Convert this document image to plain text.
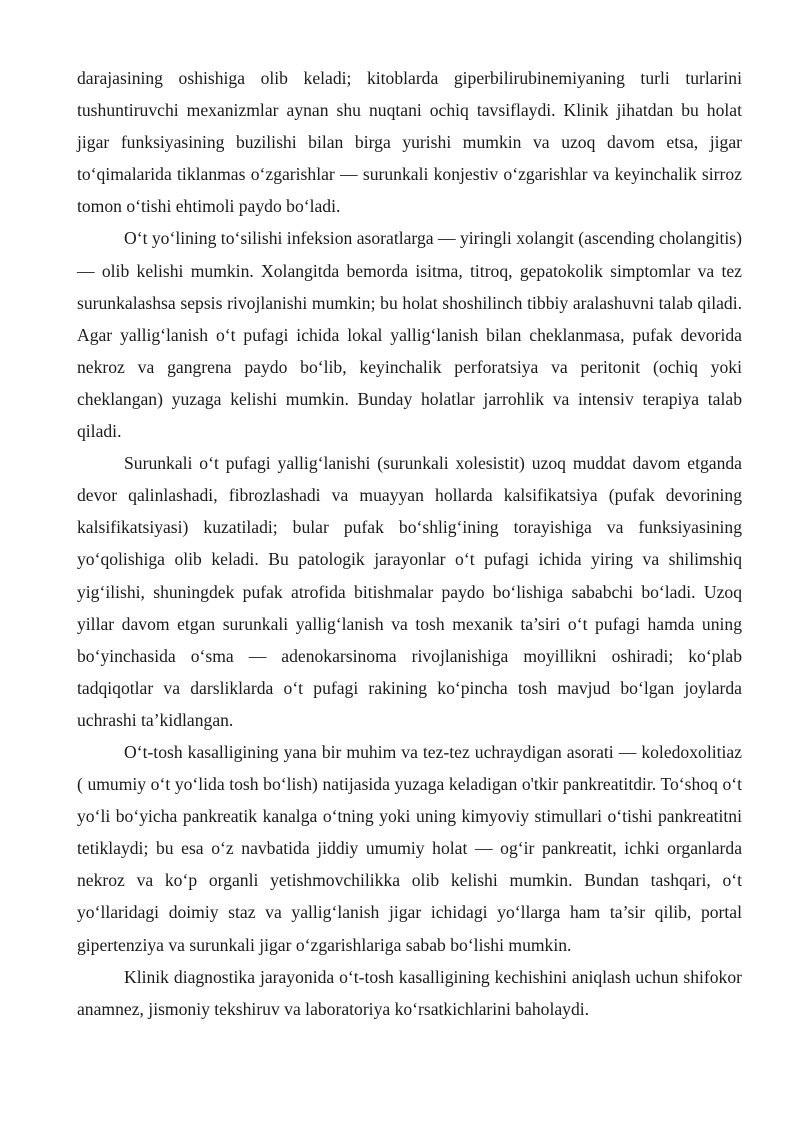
darajasining oshishiga olib keladi; kitoblarda giperbilirubinemiyaning turli turlarini tushuntiruvchi mexanizmlar aynan shu nuqtani ochiq tavsiflaydi. Klinik jihatdan bu holat jigar funksiyasining buzilishi bilan birga yurishi mumkin va uzoq davom etsa, jigar to‘qimalarida tiklanmas o‘zgarishlar — surunkali konjestiv o‘zgarishlar va keyinchalik sirroz tomon o‘tishi ehtimoli paydo bo‘ladi.

O‘t yo‘lining to‘silishi infeksion asoratlarga — yiringli xolangit (ascending cholangitis) — olib kelishi mumkin. Xolangitda bemorda isitma, titroq, gepatokolik simptomlar va tez surunkalashsa sepsis rivojlanishi mumkin; bu holat shoshilinch tibbiy aralashuvni talab qiladi. Agar yallig‘lanish o‘t pufagi ichida lokal yallig‘lanish bilan cheklanmasa, pufak devorida nekroz va gangrena paydo bo‘lib, keyinchalik perforatsiya va peritonit (ochiq yoki cheklangan) yuzaga kelishi mumkin. Bunday holatlar jarrohlik va intensiv terapiya talab qiladi.

Surunkali o‘t pufagi yallig‘lanishi (surunkali xolesistit) uzoq muddat davom etganda devor qalinlashadi, fibrozlashadi va muayyan hollarda kalsifikatsiya (pufak devorining kalsifikatsiyasi) kuzatiladi; bular pufak bo‘shlig‘ining torayishiga va funksiyasining yo‘qolishiga olib keladi. Bu patologik jarayonlar o‘t pufagi ichida yiring va shilimshiq yig‘ilishi, shuningdek pufak atrofida bitishmalar paydo bo‘lishiga sababchi bo‘ladi. Uzoq yillar davom etgan surunkali yallig‘lanish va tosh mexanik ta’siri o‘t pufagi hamda uning bo‘yinchasida o‘sma — adenokarsinoma rivojlanishiga moyillikni oshiradi; ko‘plab tadqiqotlar va darsliklarda o‘t pufagi rakining ko‘pincha tosh mavjud bo‘lgan joylarda uchrashi ta’kidlangan.

O‘t-tosh kasalligining yana bir muhim va tez-tez uchraydigan asorati — koledoxolitiaz ( umumiy o‘t yo‘lida tosh bo‘lish) natijasida yuzaga keladigan o'tkir pankreatitdir. To‘shoq o‘t yo‘li bo‘yicha pankreatik kanalga o‘tning yoki uning kimyoviy stimullari o‘tishi pankreatitni tetiklaydi; bu esa o‘z navbatida jiddiy umumiy holat — og‘ir pankreatit, ichki organlarda nekroz va ko‘p organli yetishmovchilikka olib kelishi mumkin. Bundan tashqari, o‘t yo‘llaridagi doimiy staz va yallig‘lanish jigar ichidagi yo‘llarga ham ta’sir qilib, portal gipertenziya va surunkali jigar o‘zgarishlariga sabab bo‘lishi mumkin.

Klinik diagnostika jarayonida o‘t-tosh kasalligining kechishini aniqlash uchun shifokor anamnez, jismoniy tekshiruv va laboratoriya ko‘rsatkichlarini baholaydi.
